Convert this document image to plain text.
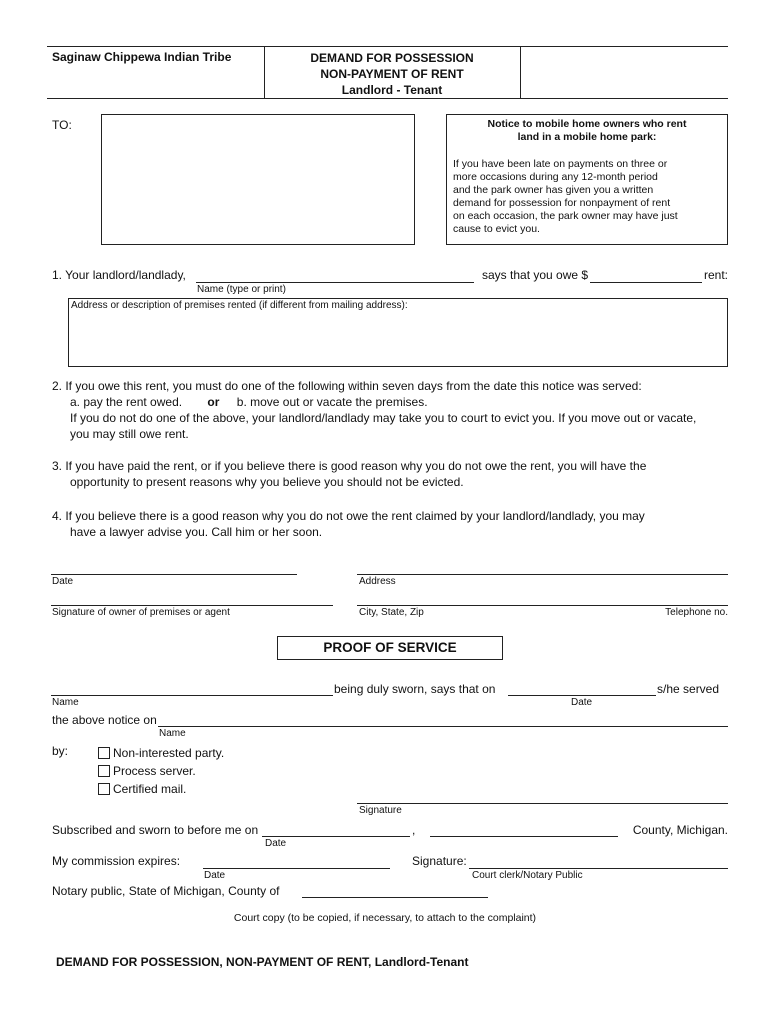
Saginaw Chippewa Indian Tribe	DEMAND FOR POSSESSION
NON-PAYMENT OF RENT
Landlord - Tenant
TO:	Notice to mobile home owners who rent
land in a mobile home park:
If you have been late on payments on three or
more occasions during any 12-month period
and the park owner has given you a written
demand for possession for nonpayment of rent
on each occasion, the park owner may have just
cause to evict you.
1. Your landlord/landlady,	says that you owe $	rent:
Name (type or print)
Address or description of premises rented (if different from mailing address):
2. If you owe this rent, you must do one of the following within seven days from the date this notice was served:
a. pay the rent owed. or b. move out or vacate the premises.
If you do not do one of the above, your landlord/landlady may take you to court to evict you. If you move out or vacate,
you may still owe rent.
3. If you have paid the rent, or if you believe there is good reason why you do not owe the rent, you will have the
opportunity to present reasons why you believe you should not be evicted.
4. If you believe there is a good reason why you do not owe the rent claimed by your landlord/landlady, you may
have a lawyer advise you. Call him or her soon.
Date	Address
Signature of owner of premises or agent	City, State, Zip	Telephone no.
PROOF OF SERVICE
being duly sworn, says that on	s/he served
Name	Date
the above notice on
Name
by:	Non-interested party.
Process server.
Certified mail.
Signature
Subscribed and sworn to before me on	,	County, Michigan.
Date
My commission expires:	Signature:
Date	Court clerk/Notary Public
Notary public, State of Michigan, County of
Court copy (to be copied, if necessary, to attach to the complaint)
DEMAND FOR POSSESSION, NON-PAYMENT OF RENT, Landlord-Tenant
